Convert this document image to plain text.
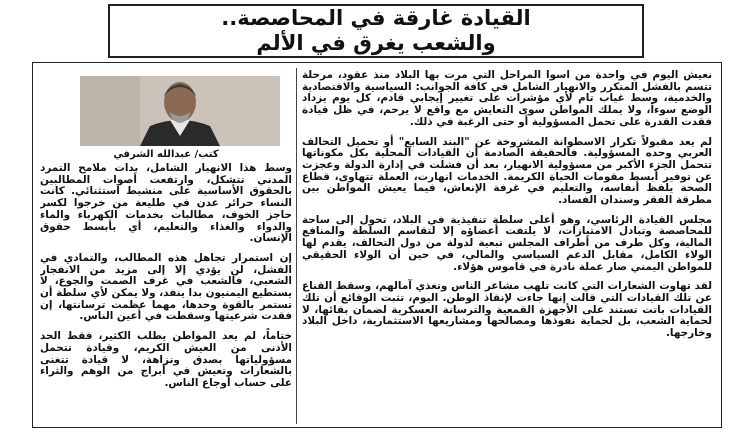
القيادة غارقة في المحاصصة..
والشعب يغرق في الألم
كتب/ عبدالله الشرفي

نعيش اليوم في واحدة من أسوأ المراحل التي مرت بها البلاد منذ عقود، مرحلة تتسم بالفشل المتكرر والانهيار الشامل في كافة الجوانب: السياسية والاقتصادية والخدمية، وسط غياب تام لأي مؤشرات على تغيير إيجابي قادم، كل يوم يزداد الوضع سوءاً، ولا يملك المواطن سوى التعايش مع واقع لا يرحم، في ظل قيادة فقدت القدرة على تحمل المسؤولية أو حتى الرغبة في ذلك.

لم يعد مقبولاً تكرار الاسطوانة المشروخة عن "البند السابع" أو تحميل التحالف العربي وحده المسؤولية. فالحقيقة الصادمة أن القيادات المحلية بكل مكوناتها تتحمل الجزء الأكبر من مسؤولية الانهيار، بعد أن فشلت في إدارة الدولة وعجزت عن توفير أبسط مقومات الحياة الكريمة. الخدمات انهارت، العملة تتهاوى، قطاع الصحة يلفظ أنفاسه، والتعليم في غرفة الإنعاش، فيما يعيش المواطن بين مطرقة الفقر وسندان الفساد.

مجلس القيادة الرئاسي، وهو أعلى سلطة تنفيذية في البلاد، تحول إلى ساحة للمحاصصة وتبادل الامتيازات، لا يلتفت أعضاؤه إلا لتقاسم السلطة والمنافع المالية، وكل طرف من أطراف المجلس تبعية لدولة من دول التحالف، يقدم لها الولاء الكامل، مقابل الدعم السياسي والمالي، في حين أن الولاء الحقيقي للمواطن اليمني صار عملة نادرة في قاموس هؤلاء.

لقد تهاوت الشعارات التي كانت تلهب مشاعر الناس وتغذي آمالهم، وسقط القناع عن تلك القيادات التي قالت إنها جاءت لإنقاذ الوطن. اليوم، تثبت الوقائع أن تلك القيادات باتت تستند على الأجهزة القمعية والترسانة العسكرية لضمان بقائها، لا لحماية الشعب، بل لحماية نفوذها ومصالحها ومشاريعها الاستثمارية، داخل البلاد وخارجها.

وسط هذا الانهيار الشامل، بدأت ملامح التمرد المدني تتشكل، وارتفعت أصوات المطالبين بالحقوق الأساسية على منشيط استثنائي. كانت النساء حرائر عدن في طليعة من خرجوا لكسر حاجز الخوف، مطالبات بخدمات الكهرباء والماء والدواء والغذاء والتعليم، أي بأبسط حقوق الإنسان.

إن استمرار تجاهل هذه المطالب، والتمادي في الفشل، لن يؤدي إلا إلى مزيد من الانفجار الشعبي، فالشعب في غرف الصمت والجوع، لا يستطيع اليمنيون بدا ينفد، ولا يمكن لأي سلطة أن تستمر بالقوة وحدها، مهما عظمت ترسانتها، إن فقدت شرعيتها وسقطت في أعين الناس.

ختاماً، لم يعد المواطن يطلب الكثير، فقط الحد الأدنى من العيش الكريم، وقيادة تتحمل مسؤولياتها بصدق ونزاهة، لا قيادة تتغنى بالشعارات وتعيش في أبراج من الوهم والثراء على حساب أوجاع الناس.
